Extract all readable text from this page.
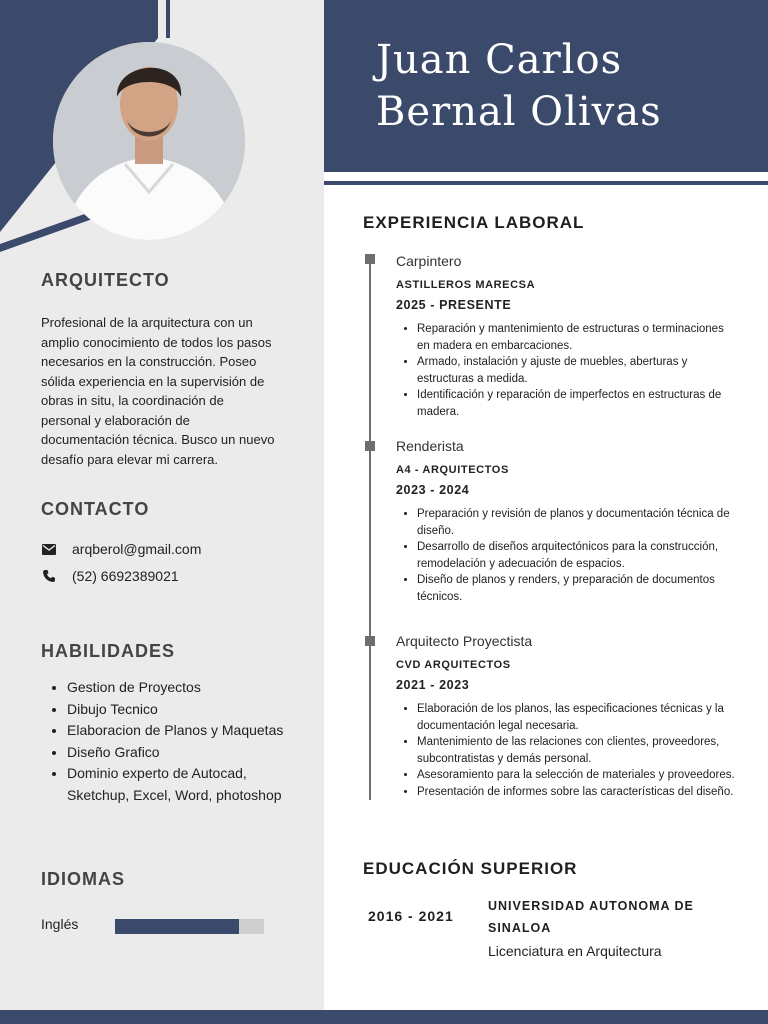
ARQUITECTO
Profesional de la arquitectura con un amplio conocimiento de todos los pasos necesarios en la construcción. Poseo sólida experiencia en la supervisión de obras in situ, la coordinación de personal y elaboración de documentación técnica. Busco un nuevo desafío para elevar mi carrera.
CONTACTO
arqberol@gmail.com
(52) 6692389021
HABILIDADES
• Gestion de Proyectos
• Dibujo Tecnico
• Elaboracion de Planos y Maquetas
• Diseño Grafico
• Dominio experto de Autocad, Sketchup, Excel, Word, photoshop
IDIOMAS
Inglés
Juan Carlos
Bernal Olivas
EXPERIENCIA LABORAL
Carpintero
ASTILLEROS MARECSA
2025 - PRESENTE
• Reparación y mantenimiento de estructuras o terminaciones en madera en embarcaciones.
• Armado, instalación y ajuste de muebles, aberturas y estructuras a medida.
• Identificación y reparación de imperfectos en estructuras de madera.
Renderista
A4 - ARQUITECTOS
2023 - 2024
• Preparación y revisión de planos y documentación técnica de diseño.
• Desarrollo de diseños arquitectónicos para la construcción, remodelación y adecuación de espacios.
• Diseño de planos y renders, y preparación de documentos técnicos.
Arquitecto Proyectista
CVD ARQUITECTOS
2021 - 2023
• Elaboración de los planos, las especificaciones técnicas y la documentación legal necesaria.
• Mantenimiento de las relaciones con clientes, proveedores, subcontratistas y demás personal.
• Asesoramiento para la selección de materiales y proveedores.
• Presentación de informes sobre las características del diseño.
EDUCACIÓN SUPERIOR
2016 - 2021
UNIVERSIDAD AUTONOMA DE SINALOA
Licenciatura en Arquitectura
